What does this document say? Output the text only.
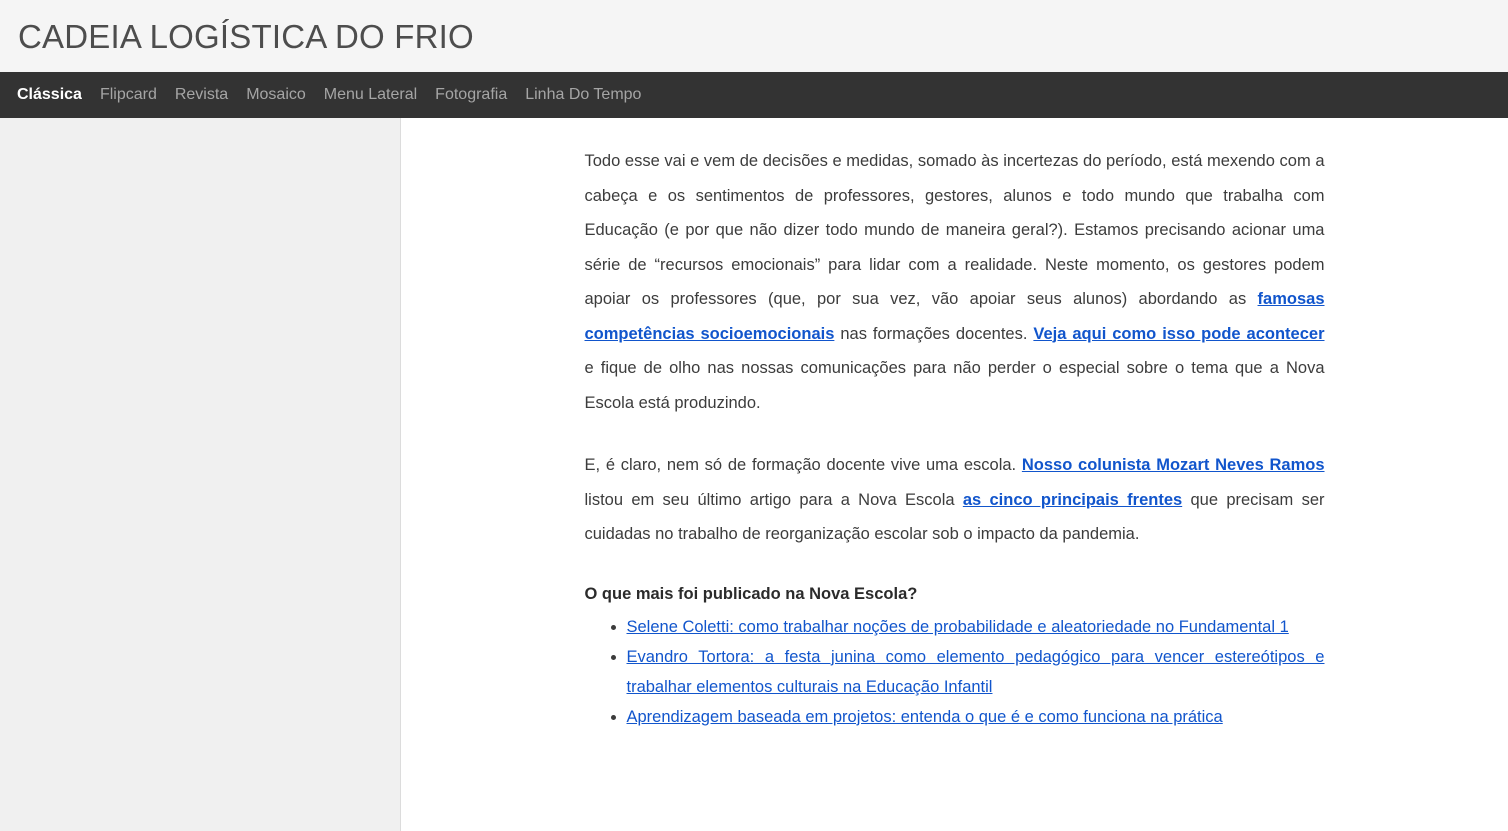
CADEIA LOGÍSTICA DO FRIO
Clássica	Flipcard	Revista	Mosaico	Menu Lateral	Fotografia	Linha Do Tempo

Todo esse vai e vem de decisões e medidas, somado às incertezas do período, está mexendo com a cabeça e os sentimentos de professores, gestores, alunos e todo mundo que trabalha com Educação (e por que não dizer todo mundo de maneira geral?). Estamos precisando acionar uma série de “recursos emocionais” para lidar com a realidade. Neste momento, os gestores podem apoiar os professores (que, por sua vez, vão apoiar seus alunos) abordando as famosas competências socioemocionais nas formações docentes. Veja aqui como isso pode acontecer e fique de olho nas nossas comunicações para não perder o especial sobre o tema que a Nova Escola está produzindo.

E, é claro, nem só de formação docente vive uma escola. Nosso colunista Mozart Neves Ramos listou em seu último artigo para a Nova Escola as cinco principais frentes que precisam ser cuidadas no trabalho de reorganização escolar sob o impacto da pandemia.

O que mais foi publicado na Nova Escola?
• Selene Coletti: como trabalhar noções de probabilidade e aleatoriedade no Fundamental 1
• Evandro Tortora: a festa junina como elemento pedagógico para vencer estereótipos e trabalhar elementos culturais na Educação Infantil
• Aprendizagem baseada em projetos: entenda o que é e como funciona na prática
